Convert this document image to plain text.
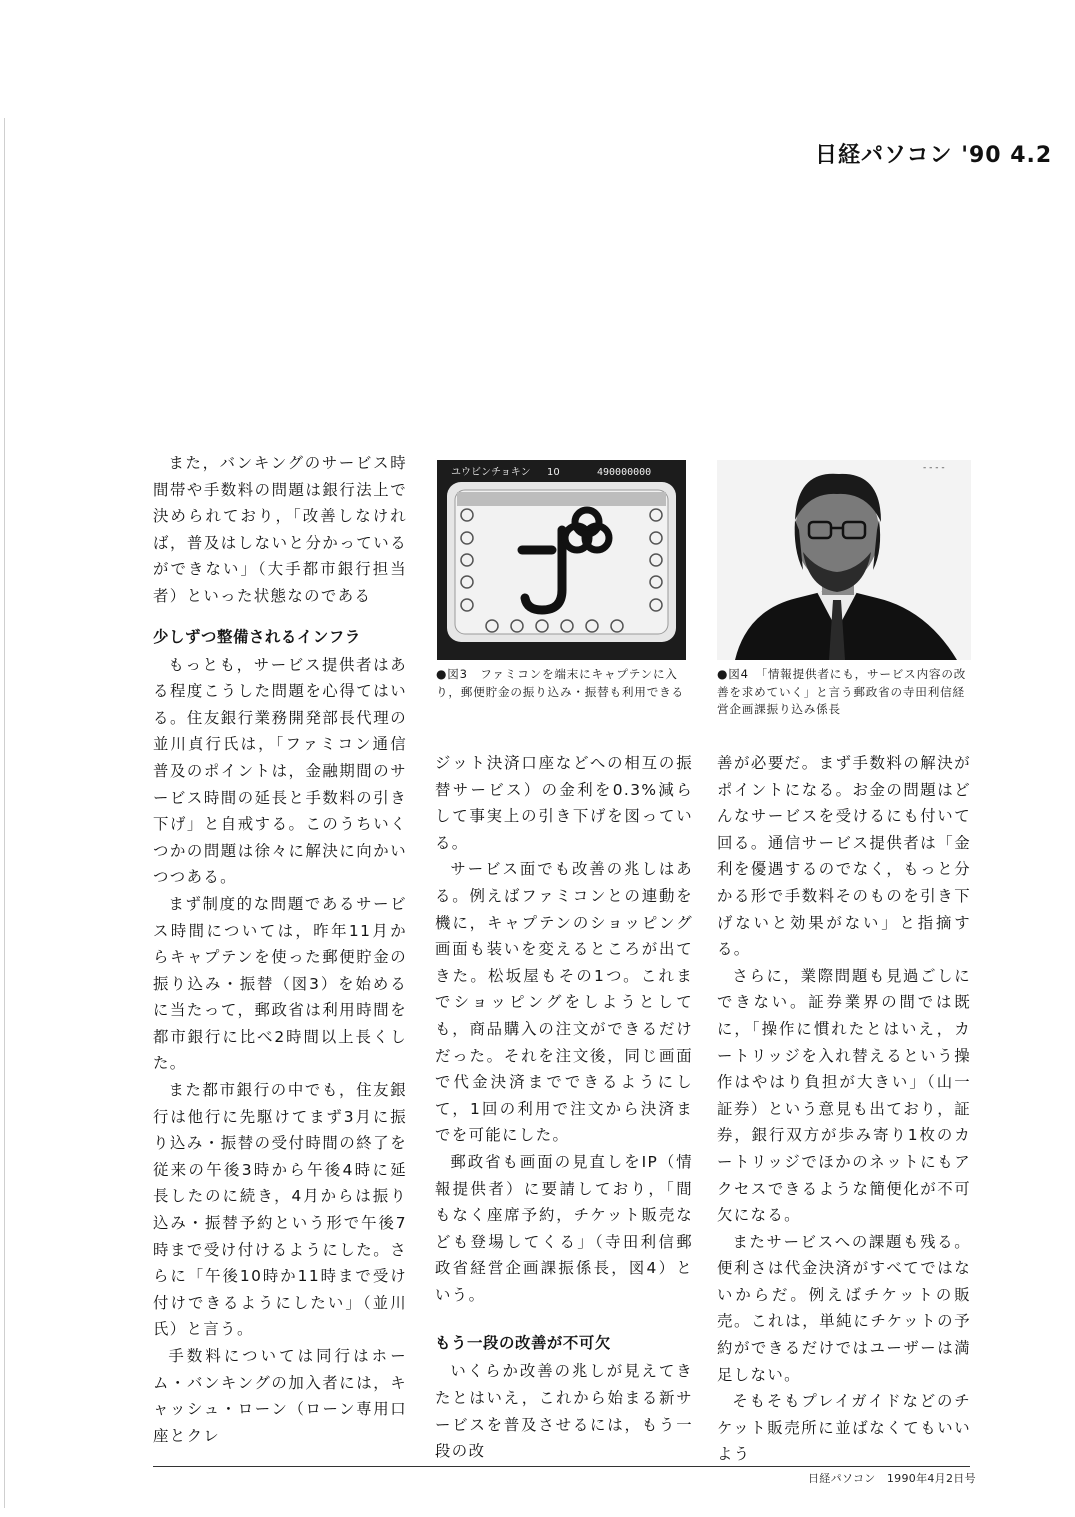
日経パソコン '90 4.2

また，バンキングのサービス時間帯や手数料の問題は銀行法上で決められており，「改善しなければ，普及はしないと分かっているができない」（大手都市銀行担当者）といった状態なのである

少しずつ整備されるインフラ

もっとも，サービス提供者はある程度こうした問題を心得てはいる。住友銀行業務開発部長代理の並川貞行氏は，「ファミコン通信普及のポイントは，金融期間のサービス時間の延長と手数料の引き下げ」と自戒する。このうちいくつかの問題は徐々に解決に向かいつつある。

まず制度的な問題であるサービス時間については，昨年11月からキャプテンを使った郵便貯金の振り込み・振替（図3）を始めるに当たって，郵政省は利用時間を都市銀行に比べ2時間以上長くした。

また都市銀行の中でも，住友銀行は他行に先駆けてまず3月に振り込み・振替の受付時間の終了を従来の午後3時から午後4時に延長したのに続き，4月からは振り込み・振替予約という形で午後7時まで受け付けるようにした。さらに「午後10時か11時まで受け付けできるようにしたい」（並川氏）と言う。

手数料については同行はホーム・バンキングの加入者には，キャッシュ・ローン（ローン専用口座とクレ

ユウビンチョキン 10	490000000
●図3　ファミコンを端末にキャプテンに入り，郵便貯金の振り込み・振替も利用できる
- - - -
●図4　「情報提供者にも，サービス内容の改善を求めていく」と言う郵政省の寺田利信経営企画課振り込み係長

ジット決済口座などへの相互の振替サービス）の金利を0.3%減らして事実上の引き下げを図っている。

サービス面でも改善の兆しはある。例えばファミコンとの連動を機に，キャプテンのショッピング画面も装いを変えるところが出てきた。松坂屋もその1つ。これまでショッピングをしようとしても，商品購入の注文ができるだけだった。それを注文後，同じ画面で代金決済までできるようにして，1回の利用で注文から決済までを可能にした。

郵政省も画面の見直しをIP（情報提供者）に要請しており，「間もなく座席予約，チケット販売なども登場してくる」（寺田利信郵政省経営企画課振係長，図4）という。

もう一段の改善が不可欠

いくらか改善の兆しが見えてきたとはいえ，これから始まる新サービスを普及させるには，もう一段の改

善が必要だ。まず手数料の解決がポイントになる。お金の問題はどんなサービスを受けるにも付いて回る。通信サービス提供者は「金利を優遇するのでなく，もっと分かる形で手数料そのものを引き下げないと効果がない」と指摘する。

さらに，業際問題も見過ごしにできない。証券業界の間では既に，「操作に慣れたとはいえ，カートリッジを入れ替えるという操作はやはり負担が大きい」（山一証券）という意見も出ており，証券，銀行双方が歩み寄り1枚のカートリッジでほかのネットにもアクセスできるような簡便化が不可欠になる。

またサービスへの課題も残る。便利さは代金決済がすべてではないからだ。例えばチケットの販売。これは，単純にチケットの予約ができるだけではユーザーは満足しない。

そもそもプレイガイドなどのチケット販売所に並ばなくてもいいよう

日経パソコン　1990年4月2日号
